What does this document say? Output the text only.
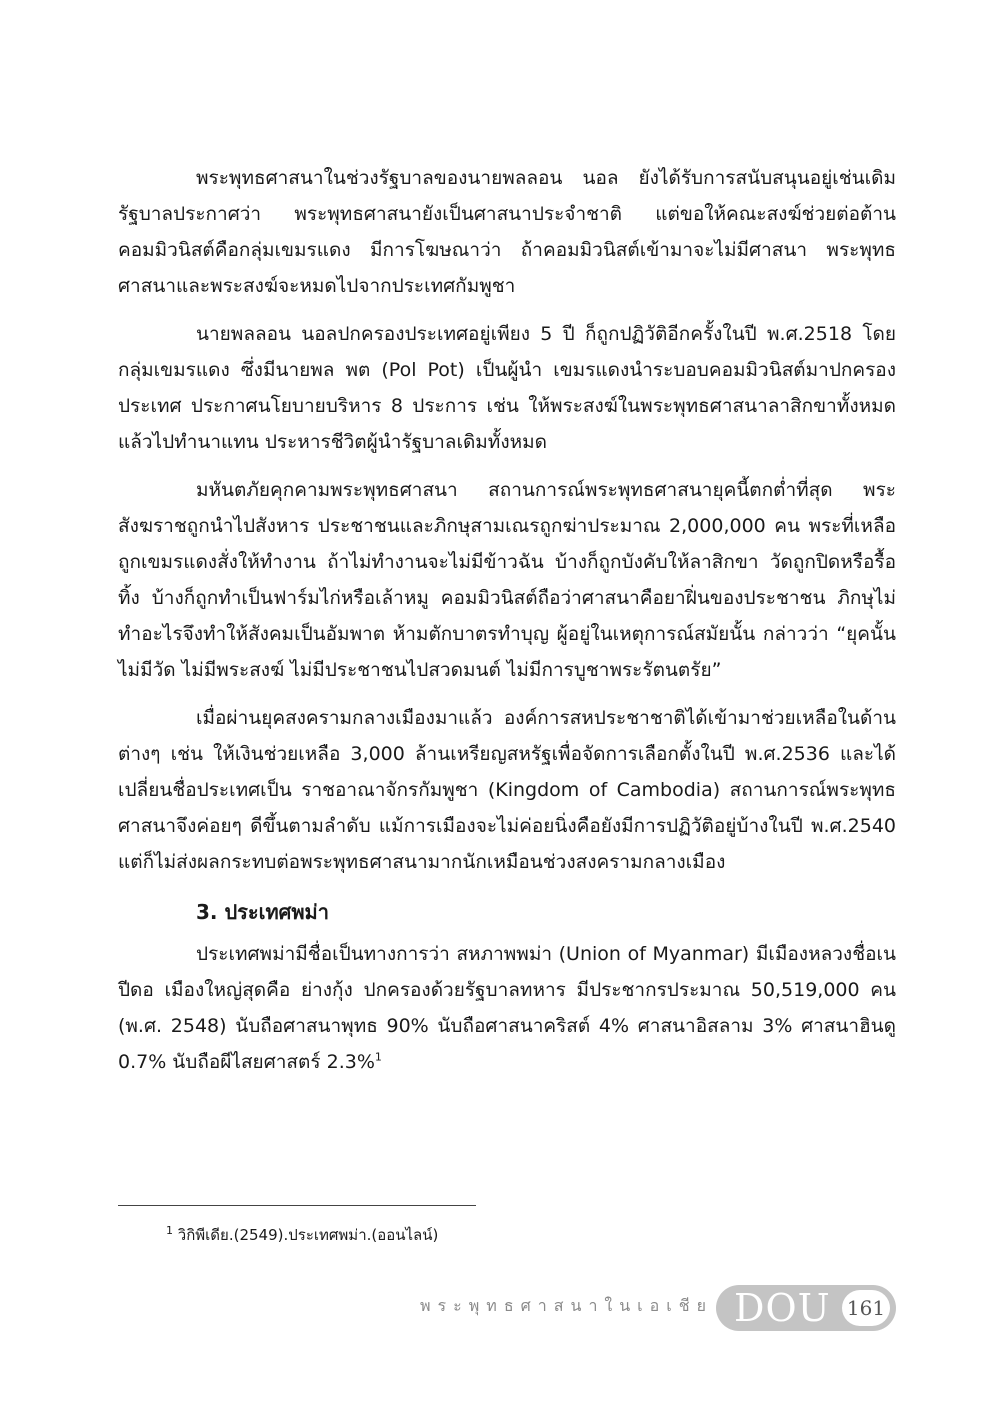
พระพุทธศาสนาในช่วงรัฐบาลของนายพลลอน นอล ยังได้รับการสนับสนุนอยู่เช่นเดิม รัฐบาลประกาศว่า พระพุทธศาสนายังเป็นศาสนาประจำชาติ แต่ขอให้คณะสงฆ์ช่วยต่อต้านคอมมิวนิสต์คือกลุ่มเขมรแดง มีการโฆษณาว่า ถ้าคอมมิวนิสต์เข้ามาจะไม่มีศาสนา พระพุทธศาสนาและพระสงฆ์จะหมดไปจากประเทศกัมพูชา

นายพลลอน นอลปกครองประเทศอยู่เพียง 5 ปี ก็ถูกปฏิวัติอีกครั้งในปี พ.ศ.2518 โดยกลุ่มเขมรแดง ซึ่งมีนายพล พต (Pol Pot) เป็นผู้นำ เขมรแดงนำระบอบคอมมิวนิสต์มาปกครองประเทศ ประกาศนโยบายบริหาร 8 ประการ เช่น ให้พระสงฆ์ในพระพุทธศาสนาลาสิกขาทั้งหมด แล้วไปทำนาแทน ประหารชีวิตผู้นำรัฐบาลเดิมทั้งหมด

มหันตภัยคุกคามพระพุทธศาสนา สถานการณ์พระพุทธศาสนายุคนี้ตกต่ำที่สุด พระสังฆราชถูกนำไปสังหาร ประชาชนและภิกษุสามเณรถูกฆ่าประมาณ 2,000,000 คน พระที่เหลือถูกเขมรแดงสั่งให้ทำงาน ถ้าไม่ทำงานจะไม่มีข้าวฉัน บ้างก็ถูกบังคับให้ลาสิกขา วัดถูกปิดหรือรื้อทิ้ง บ้างก็ถูกทำเป็นฟาร์มไก่หรือเล้าหมู คอมมิวนิสต์ถือว่าศาสนาคือยาฝิ่นของประชาชน ภิกษุไม่ทำอะไรจึงทำให้สังคมเป็นอัมพาต ห้ามตักบาตรทำบุญ ผู้อยู่ในเหตุการณ์สมัยนั้น กล่าวว่า “ยุคนั้น ไม่มีวัด ไม่มีพระสงฆ์ ไม่มีประชาชนไปสวดมนต์ ไม่มีการบูชาพระรัตนตรัย”

เมื่อผ่านยุคสงครามกลางเมืองมาแล้ว องค์การสหประชาชาติได้เข้ามาช่วยเหลือในด้านต่างๆ เช่น ให้เงินช่วยเหลือ 3,000 ล้านเหรียญสหรัฐเพื่อจัดการเลือกตั้งในปี พ.ศ.2536 และได้เปลี่ยนชื่อประเทศเป็น ราชอาณาจักรกัมพูชา (Kingdom of Cambodia) สถานการณ์พระพุทธศาสนาจึงค่อยๆ ดีขึ้นตามลำดับ แม้การเมืองจะไม่ค่อยนิ่งคือยังมีการปฏิวัติอยู่บ้างในปี พ.ศ.2540 แต่ก็ไม่ส่งผลกระทบต่อพระพุทธศาสนามากนักเหมือนช่วงสงครามกลางเมือง

3. ประเทศพม่า

ประเทศพม่ามีชื่อเป็นทางการว่า สหภาพพม่า (Union of Myanmar) มีเมืองหลวงชื่อเนปีดอ เมืองใหญ่สุดคือ ย่างกุ้ง ปกครองด้วยรัฐบาลทหาร มีประชากรประมาณ 50,519,000 คน (พ.ศ. 2548) นับถือศาสนาพุทธ 90% นับถือศาสนาคริสต์ 4% ศาสนาอิสลาม 3% ศาสนาฮินดู 0.7% นับถือผีไสยศาสตร์ 2.3%$^1$

$^1$ วิกิพีเดีย.(2549).ประเทศพม่า.(ออนไลน์)
พระพุทธศาสนาในเอเชีย DOU 161
